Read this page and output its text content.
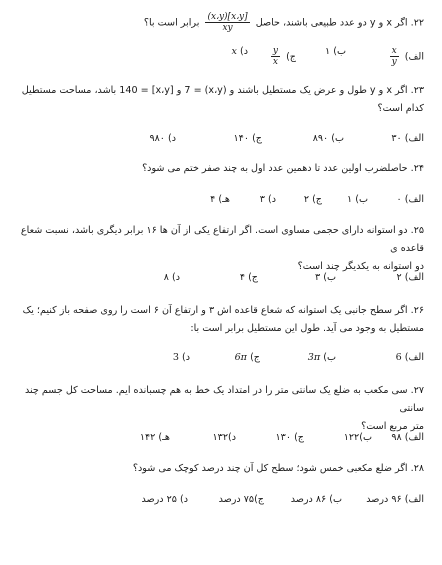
۲۲. اگر x و y دو عدد طبیعی باشند، حاصل
$\frac{(x،y)[x،y]}{xy}$
برابر است با؟
الف)
$\frac{x}{y}$
ب) ۱
ج)
$\frac{y}{x}$
د) x
۲۳. اگر x و y طول و عرض یک مستطیل باشند و (x،y) = 7 و [x،y] = 140 باشد، مساحت مستطیل
کدام است؟
الف) ۳۰
ب) ۸۹۰
ج) ۱۴۰
د) ۹۸۰
۲۴. حاصلضرب اولین عدد تا دهمین عدد اول به چند صفر ختم می شود؟
الف) ۰
ب) ۱
ج) ۲
د) ۳
هـ) ۴
۲۵. دو استوانه دارای حجمی مساوی است. اگر ارتفاع یکی از آن ها ۱۶ برابر دیگری باشد، نسبت شعاع قاعده ی
دو استوانه به یکدیگر چند است؟
الف) ۲
ب) ۳
ج) ۴
د) ۸
۲۶. اگر سطح جانبی یک استوانه که شعاع قاعده اش ۳ و ارتفاع آن ۶ است را روی صفحه باز کنیم؛ یک
مستطیل به وجود می آید. طول این مستطیل برابر است با:
الف) 6
ب) 3π
ج) 6π
د) 3
۲۷. سی مکعب به ضلع یک سانتی متر را در امتداد یک خط به هم چسبانده ایم. مساحت کل جسم چند سانتی
متر مربع است؟
الف) ۹۸
ب)۱۲۲
ج) ۱۳۰
د)۱۳۲
هـ) ۱۴۲
۲۸. اگر ضلع مکعبی خمس شود؛ سطح کل آن چند درصد کوچک می شود؟
الف) ۹۶ درصد
ب) ۸۶ درصد
ج)۷۵ درصد
د) ۲۵ درصد
